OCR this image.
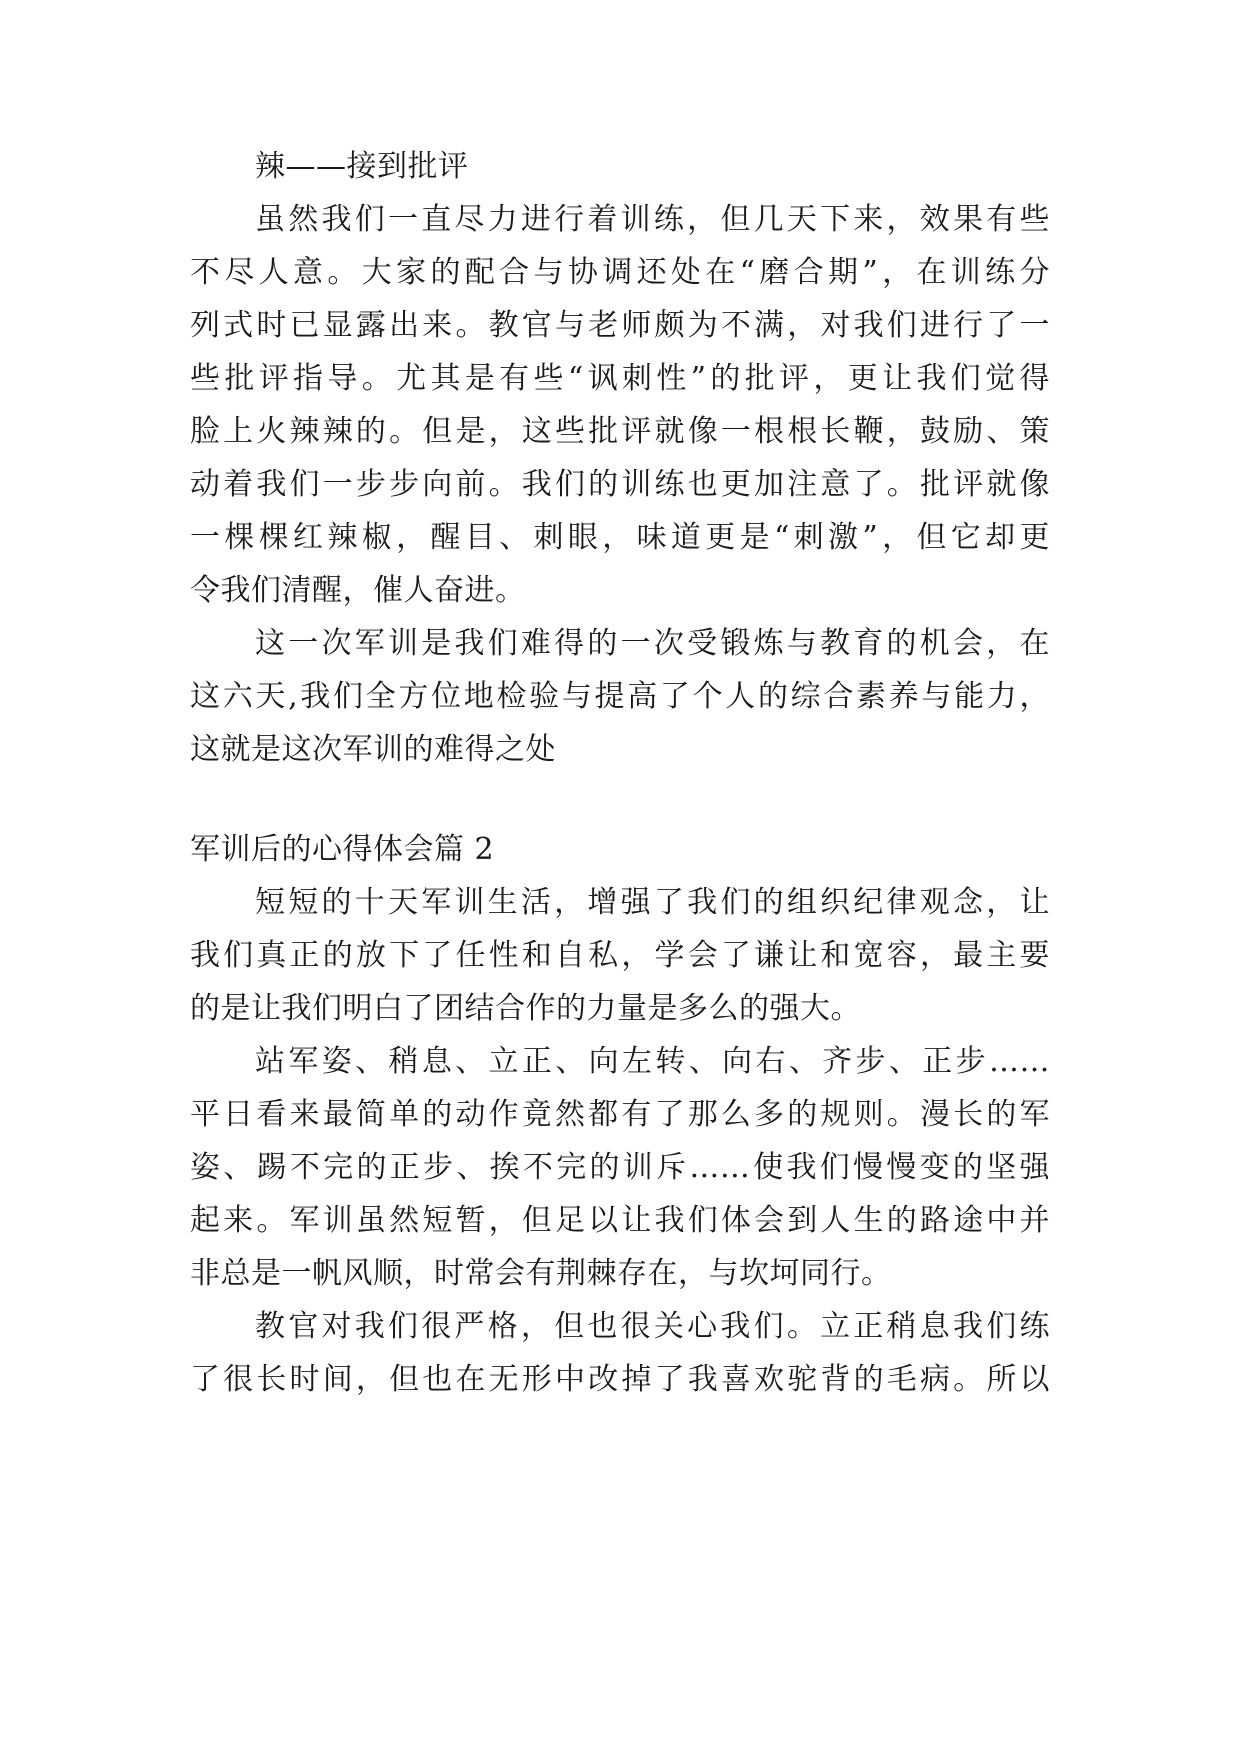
辣——接到批评
虽然我们一直尽力进行着训练，但几天下来，效果有些
不尽人意。大家的配合与协调还处在“磨合期”，在训练分
列式时已显露出来。教官与老师颇为不满，对我们进行了一
些批评指导。尤其是有些“讽刺性”的批评，更让我们觉得
脸上火辣辣的。但是，这些批评就像一根根长鞭，鼓励、策
动着我们一步步向前。我们的训练也更加注意了。批评就像
一棵棵红辣椒，醒目、刺眼，味道更是“刺激”，但它却更
令我们清醒，催人奋进。
这一次军训是我们难得的一次受锻炼与教育的机会，在
这六天,我们全方位地检验与提高了个人的综合素养与能力，
这就是这次军训的难得之处
军训后的心得体会篇 2
短短的十天军训生活，增强了我们的组织纪律观念，让
我们真正的放下了任性和自私，学会了谦让和宽容，最主要
的是让我们明白了团结合作的力量是多么的强大。
站军姿、稍息、立正、向左转、向右、齐步、正步……
平日看来最简单的动作竟然都有了那么多的规则。漫长的军
姿、踢不完的正步、挨不完的训斥……使我们慢慢变的坚强
起来。军训虽然短暂，但足以让我们体会到人生的路途中并
非总是一帆风顺，时常会有荆棘存在，与坎坷同行。
教官对我们很严格，但也很关心我们。立正稍息我们练
了很长时间，但也在无形中改掉了我喜欢驼背的毛病。所以
